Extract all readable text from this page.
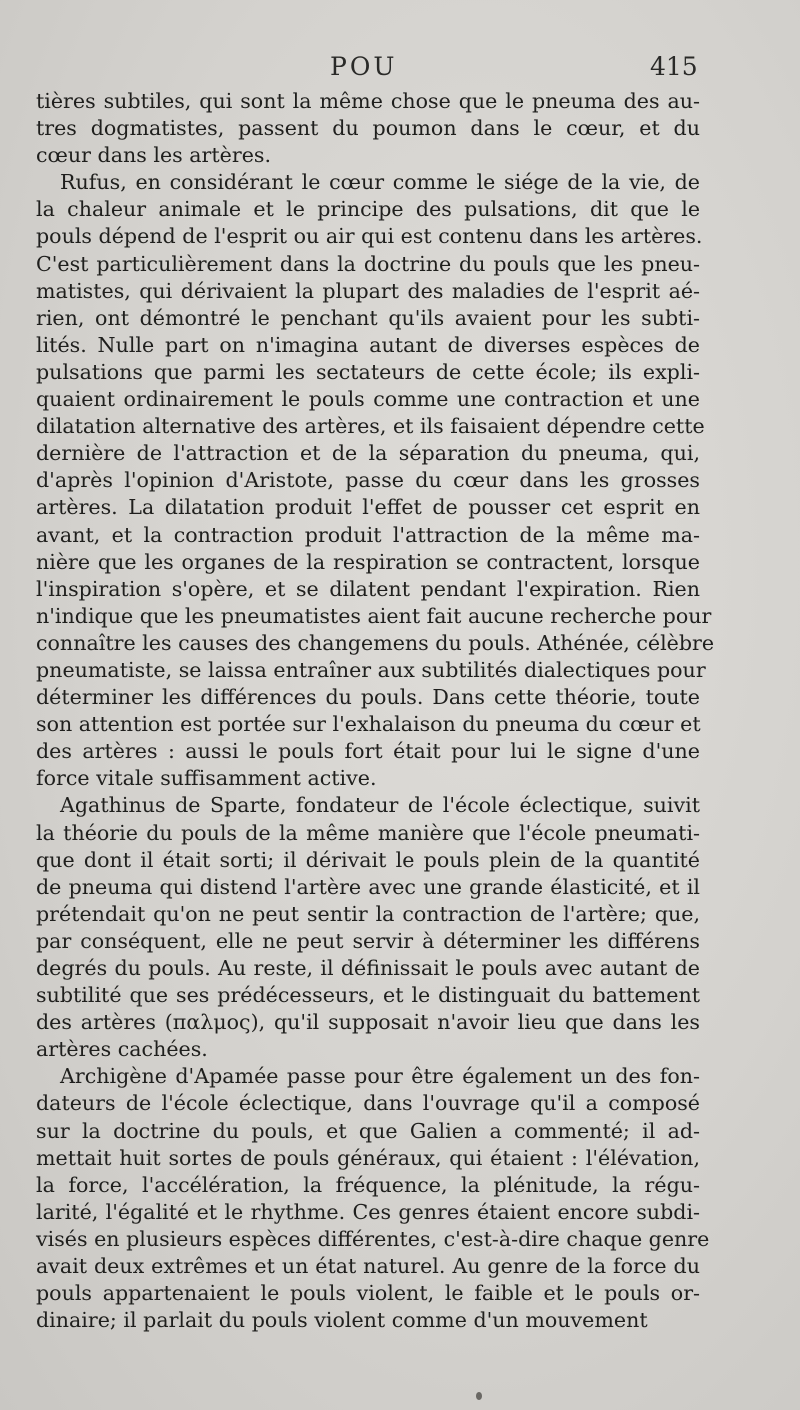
POU	415
tières subtiles, qui sont la même chose que le pneuma des au-
tres dogmatistes, passent du poumon dans le cœur, et du
cœur dans les artères.
Rufus, en considérant le cœur comme le siége de la vie, de
la chaleur animale et le principe des pulsations, dit que le
pouls dépend de l'esprit ou air qui est contenu dans les artères.
C'est particulièrement dans la doctrine du pouls que les pneu-
matistes, qui dérivaient la plupart des maladies de l'esprit aé-
rien, ont démontré le penchant qu'ils avaient pour les subti-
lités. Nulle part on n'imagina autant de diverses espèces de
pulsations que parmi les sectateurs de cette école; ils expli-
quaient ordinairement le pouls comme une contraction et une
dilatation alternative des artères, et ils faisaient dépendre cette
dernière de l'attraction et de la séparation du pneuma, qui,
d'après l'opinion d'Aristote, passe du cœur dans les grosses
artères. La dilatation produit l'effet de pousser cet esprit en
avant, et la contraction produit l'attraction de la même ma-
nière que les organes de la respiration se contractent, lorsque
l'inspiration s'opère, et se dilatent pendant l'expiration. Rien
n'indique que les pneumatistes aient fait aucune recherche pour
connaître les causes des changemens du pouls. Athénée, célèbre
pneumatiste, se laissa entraîner aux subtilités dialectiques pour
déterminer les différences du pouls. Dans cette théorie, toute
son attention est portée sur l'exhalaison du pneuma du cœur et
des artères : aussi le pouls fort était pour lui le signe d'une
force vitale suffisamment active.
Agathinus de Sparte, fondateur de l'école éclectique, suivit
la théorie du pouls de la même manière que l'école pneumati-
que dont il était sorti; il dérivait le pouls plein de la quantité
de pneuma qui distend l'artère avec une grande élasticité, et il
prétendait qu'on ne peut sentir la contraction de l'artère; que,
par conséquent, elle ne peut servir à déterminer les différens
degrés du pouls. Au reste, il définissait le pouls avec autant de
subtilité que ses prédécesseurs, et le distinguait du battement
des artères (παλμος), qu'il supposait n'avoir lieu que dans les
artères cachées.
Archigène d'Apamée passe pour être également un des fon-
dateurs de l'école éclectique, dans l'ouvrage qu'il a composé
sur la doctrine du pouls, et que Galien a commenté; il ad-
mettait huit sortes de pouls généraux, qui étaient : l'élévation,
la force, l'accélération, la fréquence, la plénitude, la régu-
larité, l'égalité et le rhythme. Ces genres étaient encore subdi-
visés en plusieurs espèces différentes, c'est-à-dire chaque genre
avait deux extrêmes et un état naturel. Au genre de la force du
pouls appartenaient le pouls violent, le faible et le pouls or-
dinaire; il parlait du pouls violent comme d'un mouvement
